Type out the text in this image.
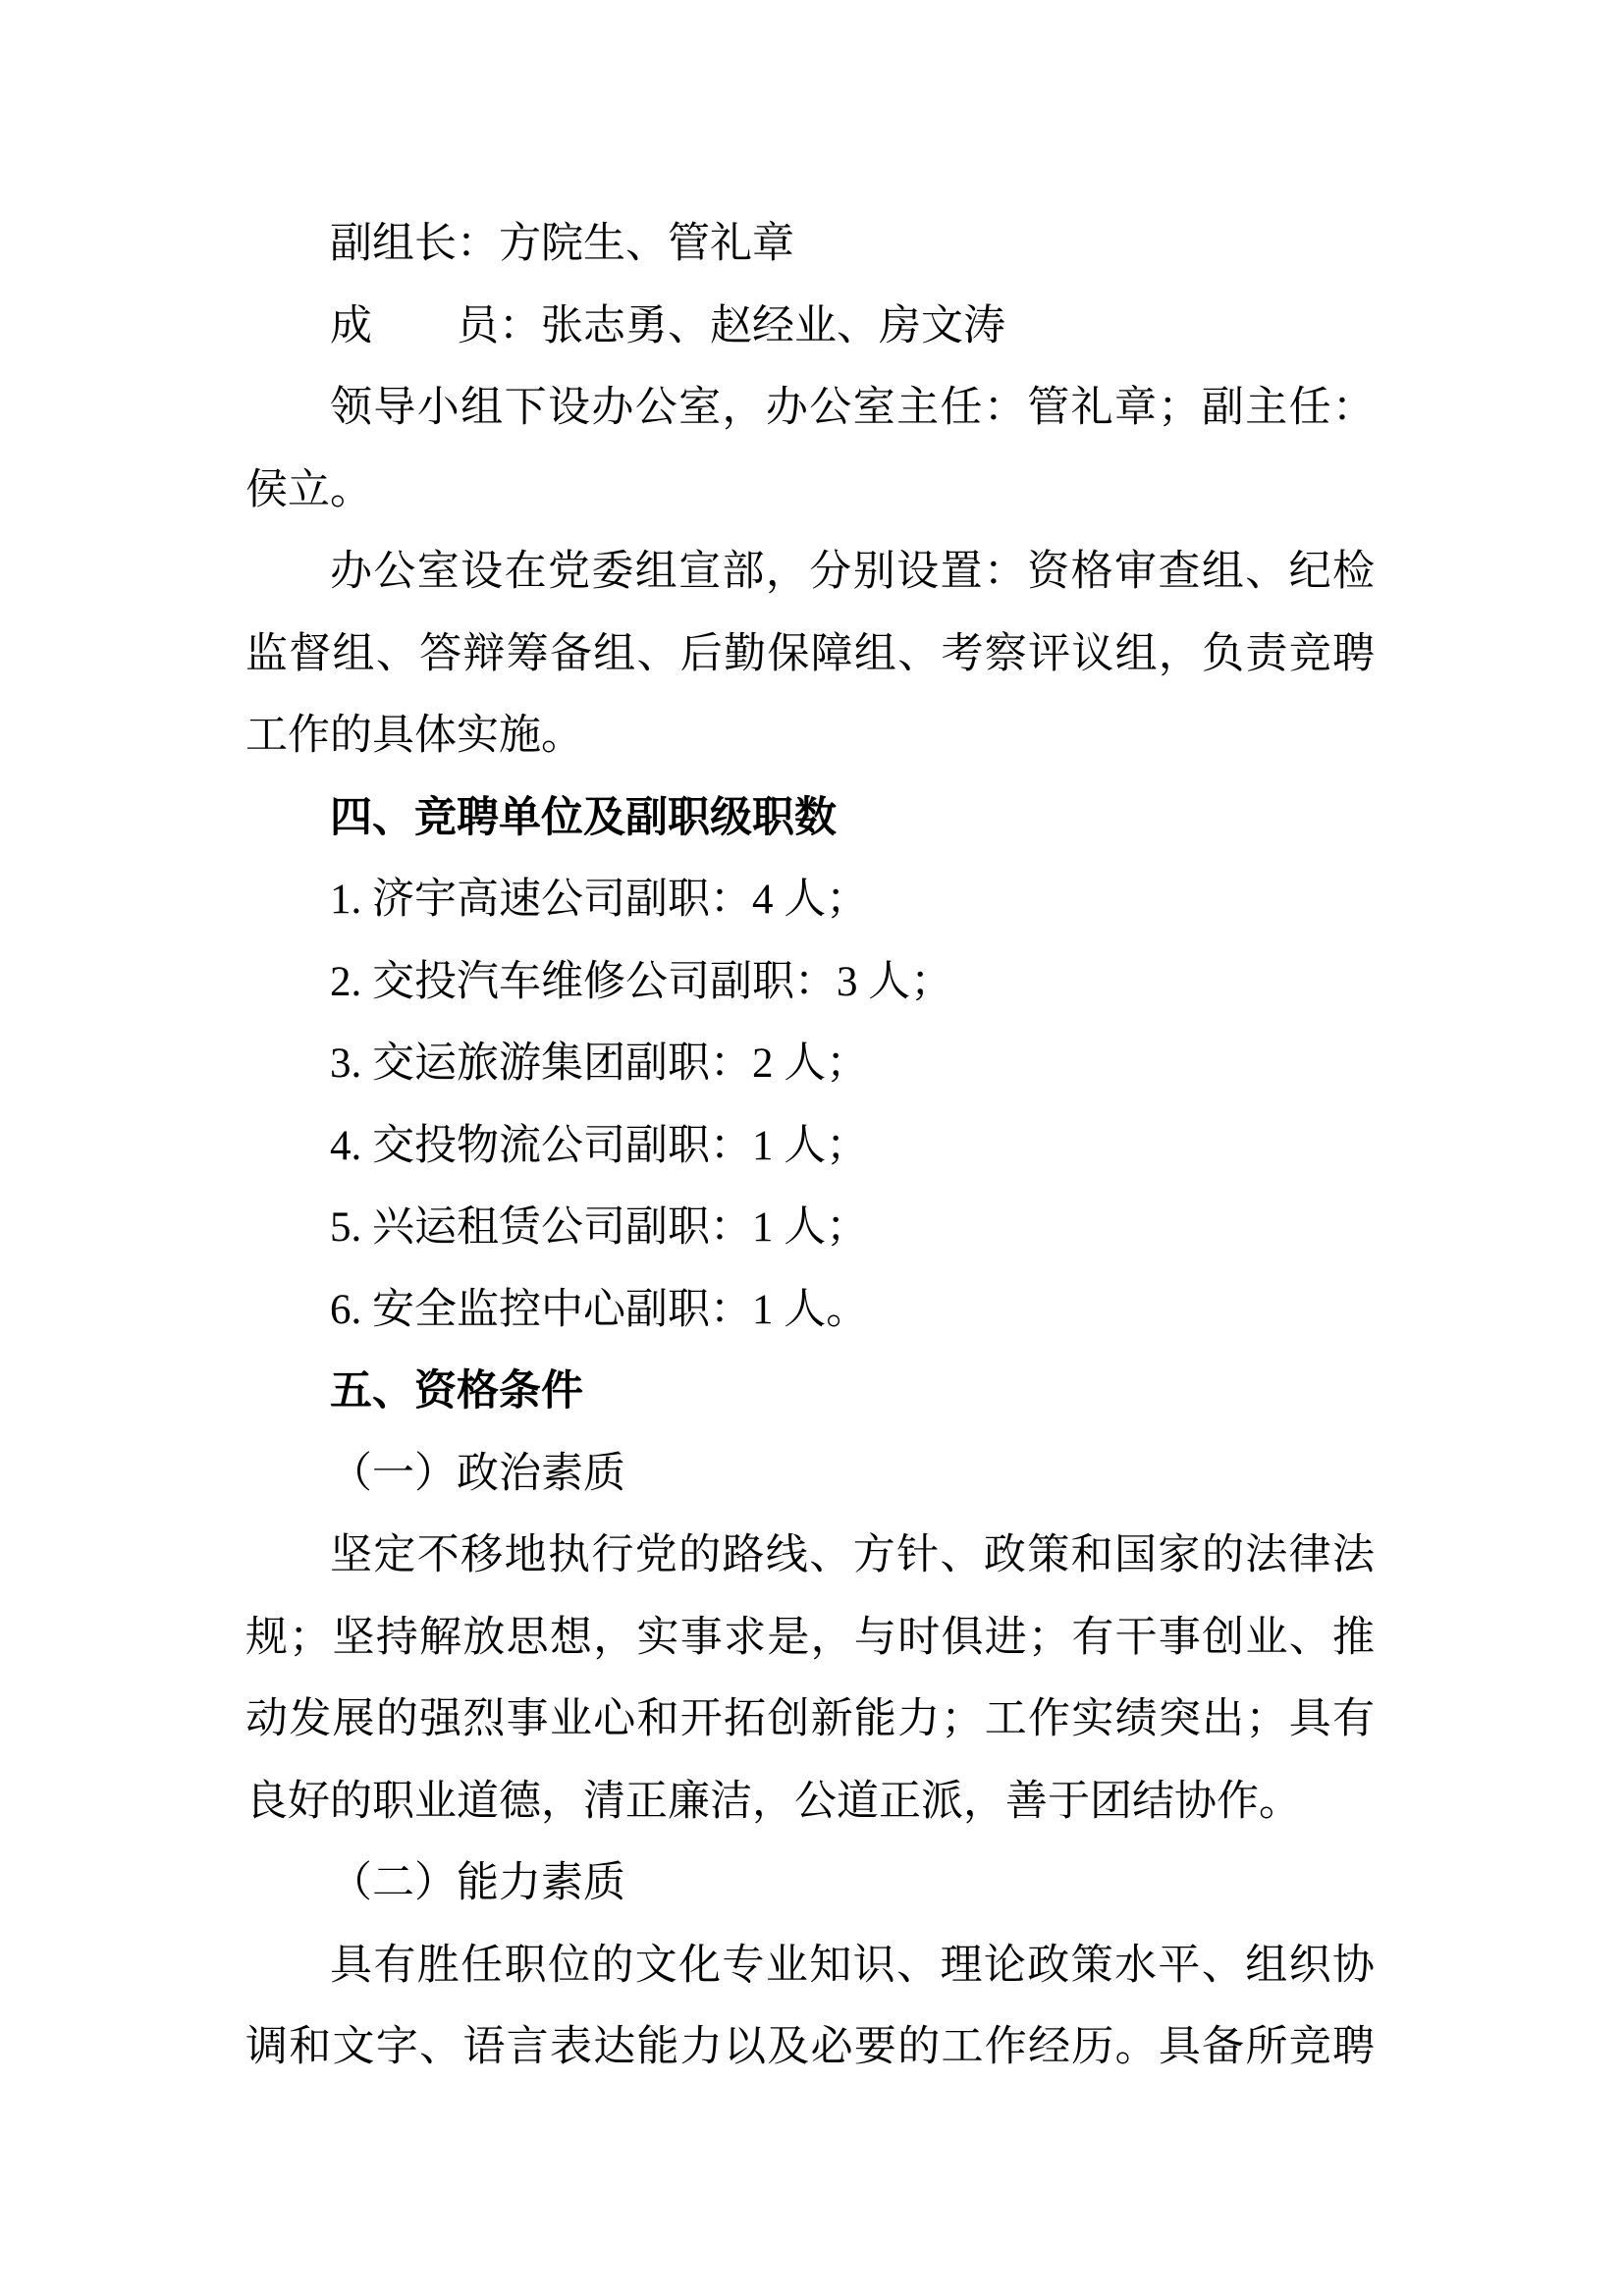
副组长：方院生、管礼章
成　　员：张志勇、赵经业、房文涛
领导小组下设办公室，办公室主任：管礼章；副主任：
侯立。
办公室设在党委组宣部，分别设置：资格审查组、纪检
监督组、答辩筹备组、后勤保障组、考察评议组，负责竞聘
工作的具体实施。
四、竞聘单位及副职级职数
1. 济宇高速公司副职：4 人；
2. 交投汽车维修公司副职：3 人；
3. 交运旅游集团副职：2 人；
4. 交投物流公司副职：1 人；
5. 兴运租赁公司副职：1 人；
6. 安全监控中心副职：1 人。
五、资格条件
（一）政治素质
坚定不移地执行党的路线、方针、政策和国家的法律法
规；坚持解放思想，实事求是，与时俱进；有干事创业、推
动发展的强烈事业心和开拓创新能力；工作实绩突出；具有
良好的职业道德，清正廉洁，公道正派，善于团结协作。
（二）能力素质
具有胜任职位的文化专业知识、理论政策水平、组织协
调和文字、语言表达能力以及必要的工作经历。具备所竞聘
